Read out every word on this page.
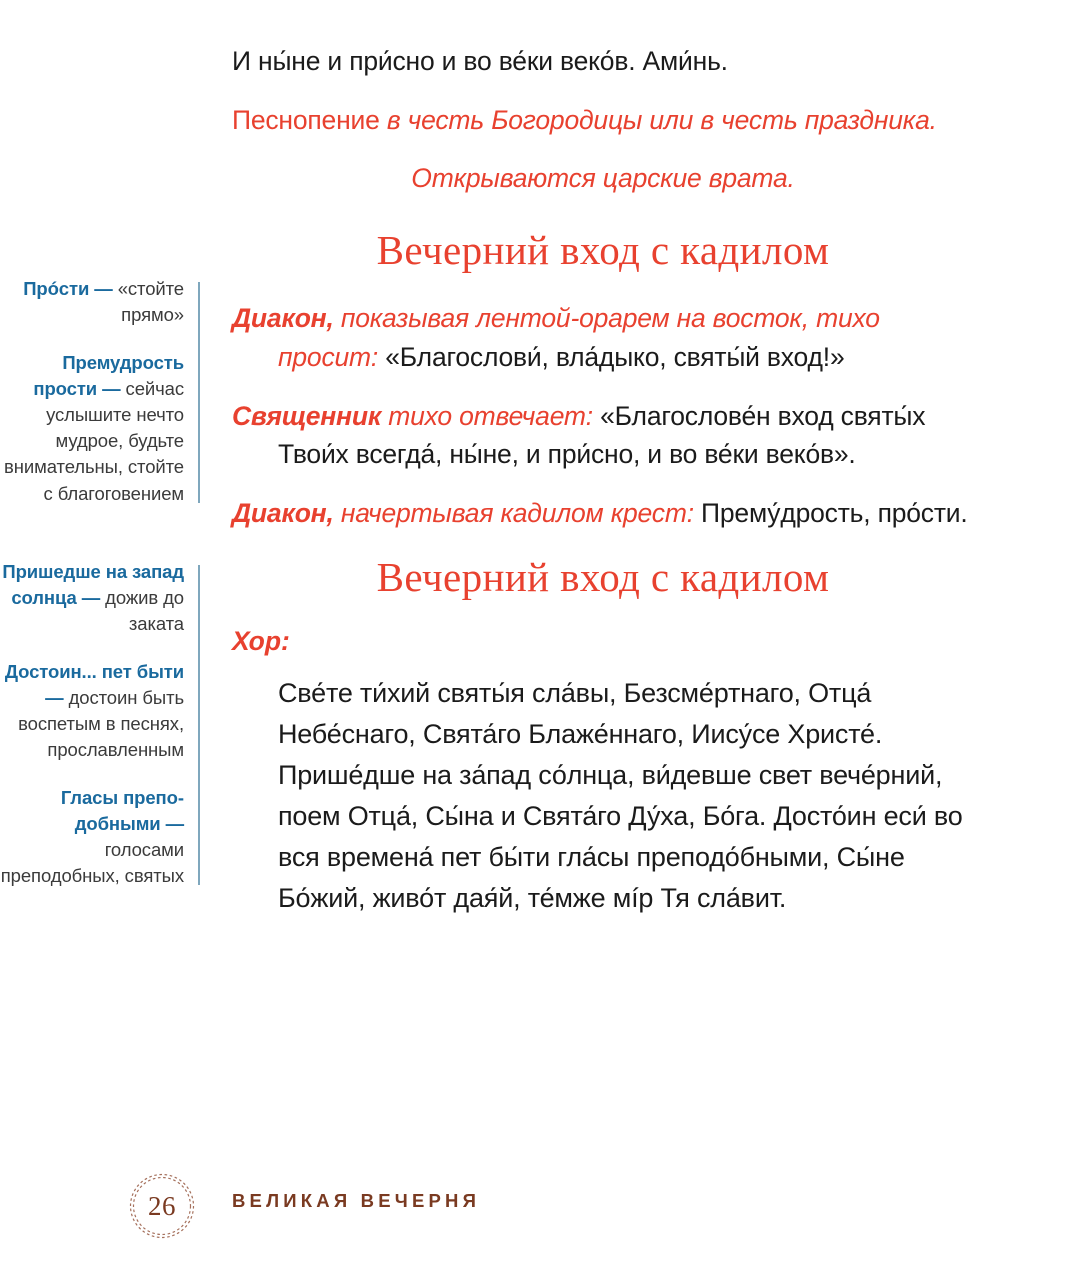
Прóсти — «стойте прямо»

Премудрость прости — сейчас услышите нечто мудрое, будьте внимательны, стойте с благоговением

Пришедше на запад солнца — дожив до заката

Достоин... пет быти — достоин быть воспетым в песнях, прославленным

Гласы преподобными — голосами преподобных, святых

И ны́не и при́сно и во ве́ки веко́в. Ами́нь.

Песнопение в честь Богородицы или в честь праздника.

Открываются царские врата.

Вечерний вход с кадилом

Диакон, показывая лентой-орарем на восток, тихо просит: «Благослови́, вла́дыко, святы́й вход!»

Священник тихо отвечает: «Благослове́н вход святы́х Твои́х всегда́, ны́не, и при́сно, и во ве́ки веко́в».

Диакон, начертывая кадилом крест: Прему́дрость, про́сти.

Вечерний вход с кадилом

Хор:

Све́те ти́хий святы́я сла́вы, Безсме́ртнаго, Отца́ Небе́снаго, Свята́го Блаже́ннаго, Иису́се Христе́. Прише́дше на за́пад со́лнца, ви́девше свет вече́рний, поем Отца́, Сы́на и Свята́го Ду́ха, Бо́га. Досто́ин еси́ во вся времена́ пет бы́ти гла́сы преподо́бными, Сы́не Бо́жий, живо́т дая́й, те́мже мíр Тя сла́вит.

26	ВЕЛИКАЯ ВЕЧЕРНЯ
